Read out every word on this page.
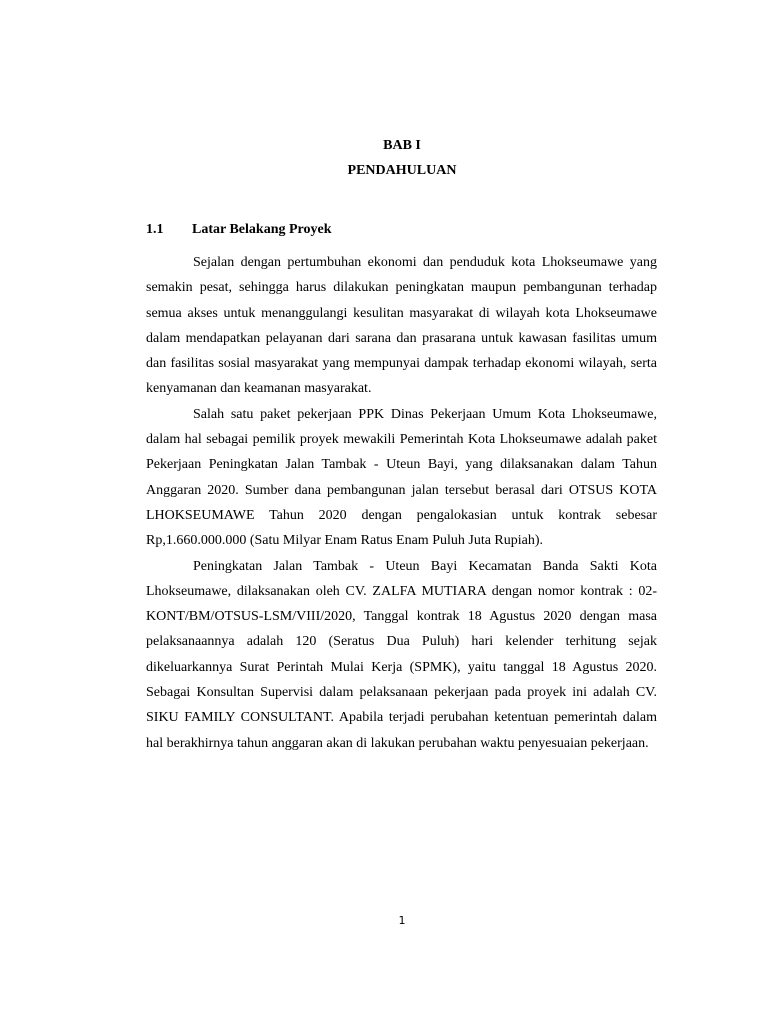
BAB I
PENDAHULUAN
1.1 Latar Belakang Proyek

Sejalan dengan pertumbuhan ekonomi dan penduduk kota Lhokseumawe yang semakin pesat, sehingga harus dilakukan peningkatan maupun pembangunan terhadap semua akses untuk menanggulangi kesulitan masyarakat di wilayah kota Lhokseumawe dalam mendapatkan pelayanan dari sarana dan prasarana untuk kawasan fasilitas umum dan fasilitas sosial masyarakat yang mempunyai dampak terhadap ekonomi wilayah, serta kenyamanan dan keamanan masyarakat.

Salah satu paket pekerjaan PPK Dinas Pekerjaan Umum Kota Lhokseumawe, dalam hal sebagai pemilik proyek mewakili Pemerintah Kota Lhokseumawe adalah paket Pekerjaan Peningkatan Jalan Tambak - Uteun Bayi, yang dilaksanakan dalam Tahun Anggaran 2020. Sumber dana pembangunan jalan tersebut berasal dari OTSUS KOTA LHOKSEUMAWE Tahun 2020 dengan pengalokasian untuk kontrak sebesar Rp,1.660.000.000 (Satu Milyar Enam Ratus Enam Puluh Juta Rupiah).

Peningkatan Jalan Tambak - Uteun Bayi Kecamatan Banda Sakti Kota Lhokseumawe, dilaksanakan oleh CV. ZALFA MUTIARA dengan nomor kontrak : 02-KONT/BM/OTSUS-LSM/VIII/2020, Tanggal kontrak 18 Agustus 2020 dengan masa pelaksanaannya adalah 120 (Seratus Dua Puluh) hari kelender terhitung sejak dikeluarkannya Surat Perintah Mulai Kerja (SPMK), yaitu tanggal 18 Agustus 2020. Sebagai Konsultan Supervisi dalam pelaksanaan pekerjaan pada proyek ini adalah CV. SIKU FAMILY CONSULTANT. Apabila terjadi perubahan ketentuan pemerintah dalam hal berakhirnya tahun anggaran akan di lakukan perubahan waktu penyesuaian pekerjaan.

1
